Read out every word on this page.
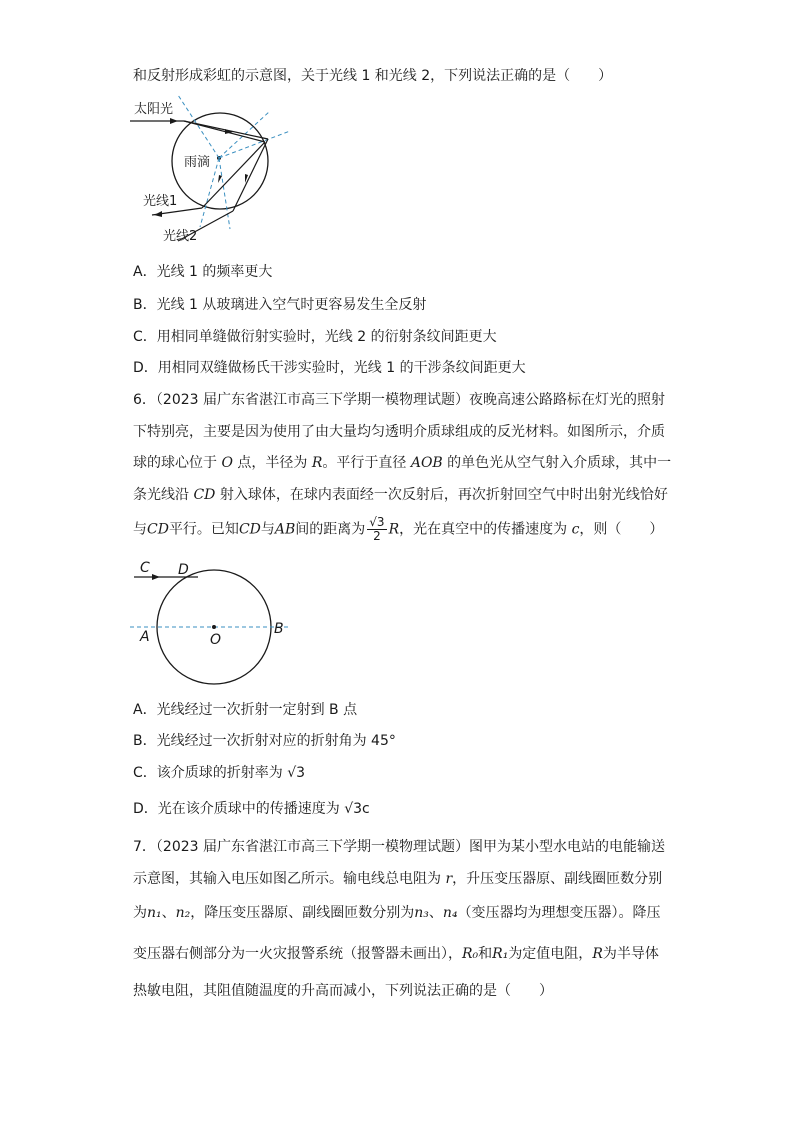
和反射形成彩虹的示意图，关于光线 1 和光线 2，下列说法正确的是（　　）
太阳光
雨滴
光线1
光线2
A．光线 1 的频率更大
B．光线 1 从玻璃进入空气时更容易发生全反射
C．用相同单缝做衍射实验时，光线 2 的衍射条纹间距更大
D．用相同双缝做杨氏干涉实验时，光线 1 的干涉条纹间距更大
6．（2023 届广东省湛江市高三下学期一模物理试题）夜晚高速公路路标在灯光的照射
下特别亮，主要是因为使用了由大量均匀透明介质球组成的反光材料。如图所示，介质
球的球心位于 O 点，半径为 R。平行于直径 AOB 的单色光从空气射入介质球，其中一
条光线沿 CD 射入球体，在球内表面经一次反射后，再次折射回空气中时出射光线恰好
与CD平行。已知CD与AB间的距离为 $\frac{√3}{2}$ R，光在真空中的传播速度为 c，则（　　）
C D
A	O
B
A．光线经过一次折射一定射到 B 点
B．光线经过一次折射对应的折射角为 45°
C．该介质球的折射率为 √3
D．光在该介质球中的传播速度为 √3c
7．（2023 届广东省湛江市高三下学期一模物理试题）图甲为某小型水电站的电能输送
示意图，其输入电压如图乙所示。输电线总电阻为 r，升压变压器原、副线圈匝数分别
为n₁、n₂，降压变压器原、副线圈匝数分别为n₃、n₄（变压器均为理想变压器）。降压
变压器右侧部分为一火灾报警系统（报警器未画出），R₀和R₁为定值电阻，R为半导体
热敏电阻，其阻值随温度的升高而减小，下列说法正确的是（　　）
